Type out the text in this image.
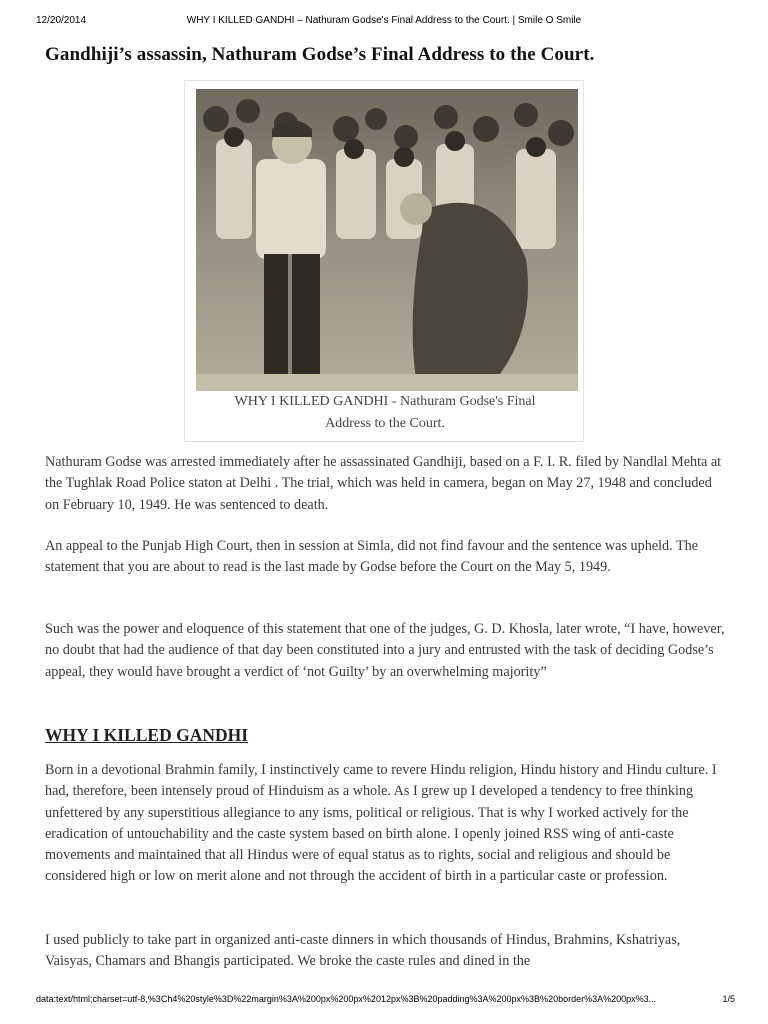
12/20/2014	WHY I KILLED GANDHI – Nathuram Godse's Final Address to the Court. | Smile O Smile
Gandhiji’s assassin, Nathuram Godse’s Final Address to the Court.
WHY I KILLED GANDHI - Nathuram Godse's Final
Address to the Court.

Nathuram Godse was arrested immediately after he assassinated Gandhiji, based on a F. I. R. filed by Nandlal Mehta at the Tughlak Road Police staton at Delhi . The trial, which was held in camera, began on May 27, 1948 and concluded on February 10, 1949. He was sentenced to death.

An appeal to the Punjab High Court, then in session at Simla, did not find favour and the sentence was upheld. The statement that you are about to read is the last made by Godse before the Court on the May 5, 1949.

Such was the power and eloquence of this statement that one of the judges, G. D. Khosla, later wrote, “I have, however, no doubt that had the audience of that day been constituted into a jury and entrusted with the task of deciding Godse’s appeal, they would have brought a verdict of ‘not Guilty’ by an overwhelming majority”

WHY I KILLED GANDHI

Born in a devotional Brahmin family, I instinctively came to revere Hindu religion, Hindu history and Hindu culture. I had, therefore, been intensely proud of Hinduism as a whole. As I grew up I developed a tendency to free thinking unfettered by any superstitious allegiance to any isms, political or religious. That is why I worked actively for the eradication of untouchability and the caste system based on birth alone. I openly joined RSS wing of anti-caste movements and maintained that all Hindus were of equal status as to rights, social and religious and should be considered high or low on merit alone and not through the accident of birth in a particular caste or profession.

I used publicly to take part in organized anti-caste dinners in which thousands of Hindus, Brahmins, Kshatriyas, Vaisyas, Chamars and Bhangis participated. We broke the caste rules and dined in the

data:text/html;charset=utf-8,%3Ch4%20style%3D%22margin%3A%200px%200px%2012px%3B%20padding%3A%200px%3B%20border%3A%200px%3...	1/5
